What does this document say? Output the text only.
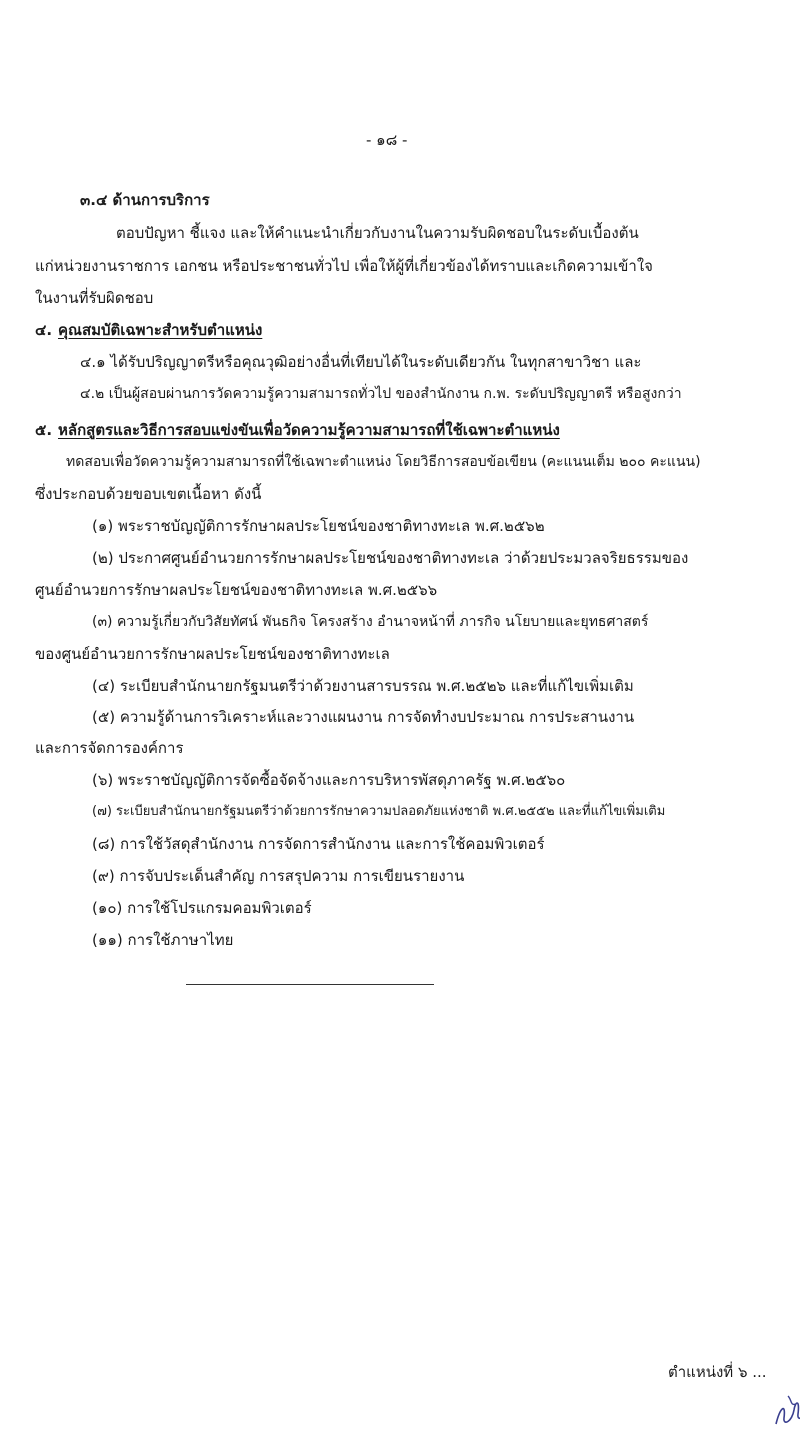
- ๑๘ -
๓.๔ ด้านการบริการ
ตอบปัญหา ชี้แจง และให้คำแนะนำเกี่ยวกับงานในความรับผิดชอบในระดับเบื้องต้น
แก่หน่วยงานราชการ เอกชน หรือประชาชนทั่วไป เพื่อให้ผู้ที่เกี่ยวข้องได้ทราบและเกิดความเข้าใจ
ในงานที่รับผิดชอบ
๔. คุณสมบัติเฉพาะสำหรับตำแหน่ง
๔.๑ ได้รับปริญญาตรีหรือคุณวุฒิอย่างอื่นที่เทียบได้ในระดับเดียวกัน ในทุกสาขาวิชา และ
๔.๒ เป็นผู้สอบผ่านการวัดความรู้ความสามารถทั่วไป ของสำนักงาน ก.พ. ระดับปริญญาตรี หรือสูงกว่า
๕. หลักสูตรและวิธีการสอบแข่งขันเพื่อวัดความรู้ความสามารถที่ใช้เฉพาะตำแหน่ง
ทดสอบเพื่อวัดความรู้ความสามารถที่ใช้เฉพาะตำแหน่ง โดยวิธีการสอบข้อเขียน (คะแนนเต็ม ๒๐๐ คะแนน)
ซึ่งประกอบด้วยขอบเขตเนื้อหา ดังนี้
(๑) พระราชบัญญัติการรักษาผลประโยชน์ของชาติทางทะเล พ.ศ.๒๕๖๒
(๒) ประกาศศูนย์อำนวยการรักษาผลประโยชน์ของชาติทางทะเล ว่าด้วยประมวลจริยธรรมของ
ศูนย์อำนวยการรักษาผลประโยชน์ของชาติทางทะเล พ.ศ.๒๕๖๖
(๓) ความรู้เกี่ยวกับวิสัยทัศน์ พันธกิจ โครงสร้าง อำนาจหน้าที่ ภารกิจ นโยบายและยุทธศาสตร์
ของศูนย์อำนวยการรักษาผลประโยชน์ของชาติทางทะเล
(๔) ระเบียบสำนักนายกรัฐมนตรีว่าด้วยงานสารบรรณ พ.ศ.๒๕๒๖ และที่แก้ไขเพิ่มเติม
(๕) ความรู้ด้านการวิเคราะห์และวางแผนงาน การจัดทำงบประมาณ การประสานงาน
และการจัดการองค์การ
(๖) พระราชบัญญัติการจัดซื้อจัดจ้างและการบริหารพัสดุภาครัฐ พ.ศ.๒๕๖๐
(๗) ระเบียบสำนักนายกรัฐมนตรีว่าด้วยการรักษาความปลอดภัยแห่งชาติ พ.ศ.๒๕๕๒ และที่แก้ไขเพิ่มเติม
(๘) การใช้วัสดุสำนักงาน การจัดการสำนักงาน และการใช้คอมพิวเตอร์
(๙) การจับประเด็นสำคัญ การสรุปความ การเขียนรายงาน
(๑๐) การใช้โปรแกรมคอมพิวเตอร์
(๑๑) การใช้ภาษาไทย
ตำแหน่งที่ ๖ ...
